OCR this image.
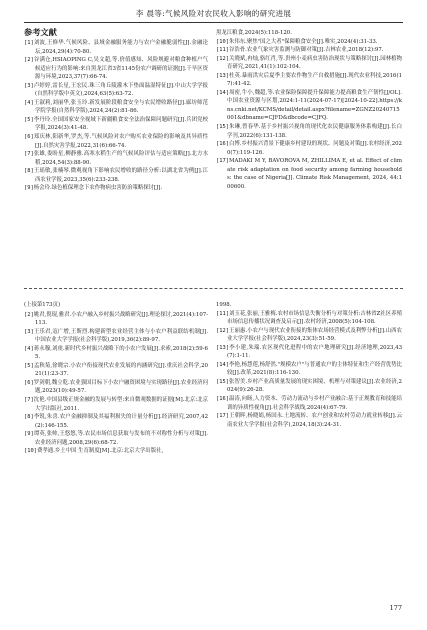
李 晨等:气候风险对农民收入影响的研究进展
参考文献

[1]刘波,王修华.气候风险、县域金融服务能力与农户金融脆弱性[J].金融论坛,2024,29(4):70-80.

[2]谷满仓,HSIAOPING C,吴文超,等.价值感知、风险规避对粮食种植户气候适应行为的影响:来自黑龙江省3省1145份农户调研的证据[J].干旱区资源与环境,2023,37(7):66-74.

[3]卢婷婷,雷长星,王宏民.珠三角丘陵灌木下垫面温湿特征[J].中山大学学报(自然科学版中英文),2024,63(5):63-72.

[4]王淑莉,刘丽华,张玉玲.新发展阶段粮食安全与农民增收路径[J].廊坊师范学院学报(自然科学版),2024,24(2):81-86.

[5]李丹玲.全国国家安全视域下新疆粮食安全法治保障问题研究[J].兵团党校学报,2024(3):41-48.

[6]郑庆林,阳新华,罗杰,等.气候风险对农户购买农业保险的影响及其异质性[J].自然灾害学报,2022,31(6):66-74.

[7]张雄,娄盼星,柳静雅.高寒水稻生产的气候风险评估与适应策略[J].北方水稻,2024,54(3):88-90.

[8]王瑶敏,张楠琴.微观视角下影响农民增收的路径分析:以湖北省为例[J].江西农业学报,2023,35(6):233-238.

[9]杨会玲.绿色植保理念下农作物病虫害防治策略探讨[J].

黑龙江粮食,2024(5):118-120.

[10]朱伟东.聚焦"国之大者"保障粮食安全[J].唯实,2024(4):31-33.

[11]谷浩骨.农业气象灾害监测与防御对策[J].吉林农业,2018(12):97.

[12]关晓斌,冉灿,骆红肖,等.贵州小麦病虫害防治现状与策略探讨[J].园林植物育研究,2021,41(1):102-104.

[13]杜英.暴雨洪灾后夏季主要农作物生产自救措施[J].现代农业科技,2016(17):41-42.

[14]周密,牛小,魏超,等.农业保险保障提升保障能力提高粮食生产韧性[J/OL].中国农业资源与区划,2024:1-11(2024-07-17)[2024-10-22].https://kns.cnki.net/KCMS/detail/detail.aspx?filename=ZGNZ20240715001&dbname=CJFD&dbcode=CJFQ.

[15]朱琳,曾春华.基于乡村振兴视角的现代化农民健康服务体系构建[J].长白学刊,2022(6):131-138.

[16]白博.乡村振兴背景下健康乡村建设的现状、问题及对策[J].农村经济,2020(7):119-126.

[17]MADAKI M Y, BAVOROVA M, ZHILLIMA E, et al. Effect of climate risk adaptation on food security among farming households: the case of Nigeria[J]. Climate Risk Management, 2024, 44:100600.

(上接第173页)

[2]姚君,倪琨,雅君.小农户融入乡村振兴战略研究[J].理论探讨,2021(4):107-113.

[3]王乐君,寇广增,王斯烈.构建新型农业经营主体与小农户利益联结机制[J].中国农业大学学报(社会科学版),2019,36(2):89-97.

[4]蒋永穆,刘虔.新时代乡村振兴战略下的小农户发展[J].求索,2018(2):59-65.

[5]孟秋菊,徐晓宗.小农户衔接现代农业发展的内涵研究[J].重庆社会科学,2021(1):23-37.

[6]罗剑朝,魏立乾.农业强国目标下小农户融资困境与实现路径[J].农业经济问题,2023(10):49-57.

[7]沈艳.中国县级正规金融的发展与转型:来自微观数据的证据[M].北京:北京大学出版社,2011.

[8]李锐,朱喜.农户金融抑制及其福利损失的计量分析[J].经济研究,2007,42(2):146-155.

[9]谭英,张帅,王悠悠,等.农民市场信息获取与发布的不对称性分析与对策[J].农业经济问题,2008,29(6):68-72.

[10]费孝通.乡土中国 生育制度[M].北京:北京大学出版社,

1998.

[11]刘玉花,张丽,王雅梅.农村市场信息失衡分析与对策分析:吉林省Z社区养殖市场信息传播状况调查及启示[J].农村经济,2008(5):104-108.

[12]王丽惠.小农户与现代农业衔接的集体农场经营模式及利弊分析[J].山西农业大学学报(社会科学版),2024,23(3):51-59.

[13]李小建,朱瑞.农区现代化进程中的农户地理研究[J].经济地理,2023,43(7):1-11.

[14]李艳,杨慧莲,杨舒然."规模农户"与普通农户的主体特征和生产经营优势比较[J].改革,2021(8):116-130.

[15]张智美.乡村产业高质量发展的现实困境、机理与对策建议[J].农业经济,2024(9):26-28.

[16]温涛,向旸,人力资本、劳动力流动与乡村产业融合:基于正规教育和技能培训的异质性视角[J].社会科学战线,2024(4):67-79.

[17]王朝晖,杨晓娟,杨国永.土地流转、农户创业和农村劳动力就业转移[J].云南农业大学学报(社会科学),2024,18(3):24-31.

177
